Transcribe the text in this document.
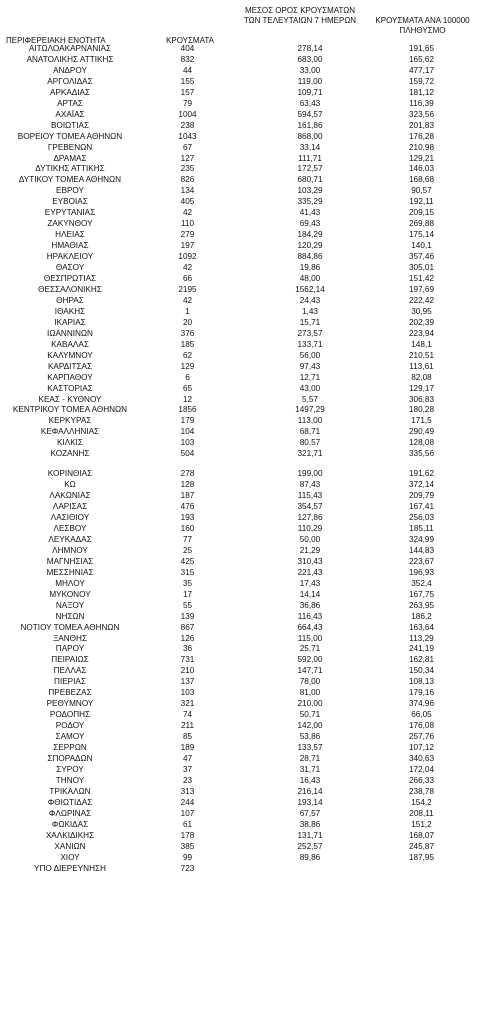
ΠΕΡΙΦΕΡΕΙΑΚΗ ΕΝΟΤΗΤΑ	ΚΡΟΥΣΜΑΤΑ
ΜΕΣΟΣ ΟΡΟΣ ΚΡΟΥΣΜΑΤΩΝ ΤΩΝ ΤΕΛΕΥΤΑΙΩΝ 7 ΗΜΕΡΩΝ	ΚΡΟΥΣΜΑΤΑ ΑΝΑ 100000 ΠΛΗΘΥΣΜΟ
ΑΙΤΩΛΟΑΚΑΡΝΑΝΙΑΣ	404	278,14	191,65
ΑΝΑΤΟΛΙΚΗΣ ΑΤΤΙΚΗΣ	832	683,00	165,62
ΑΝΔΡΟΥ	44	33,00	477,17
ΑΡΓΟΛΙΔΑΣ	155	119,00	159,72
ΑΡΚΑΔΙΑΣ	157	109,71	181,12
ΑΡΤΑΣ	79	63,43	116,39
ΑΧΑΪΑΣ	1004	594,57	323,56
ΒΟΙΩΤΙΑΣ	238	161,86	201,83
ΒΟΡΕΙΟΥ ΤΟΜΕΑ ΑΘΗΝΩΝ	1043	868,00	176,28
ΓΡΕΒΕΝΩΝ	67	33,14	210,98
ΔΡΑΜΑΣ	127	111,71	129,21
ΔΥΤΙΚΗΣ ΑΤΤΙΚΗΣ	235	172,57	146,03
ΔΥΤΙΚΟΥ ΤΟΜΕΑ ΑΘΗΝΩΝ	826	680,71	168,68
ΕΒΡΟΥ	134	103,29	90,57
ΕΥΒΟΙΑΣ	405	335,29	192,11
ΕΥΡΥΤΑΝΙΑΣ	42	41,43	209,15
ΖΑΚΥΝΘΟΥ	110	69,43	269,88
ΗΛΕΙΑΣ	279	184,29	175,14
ΗΜΑΘΙΑΣ	197	120,29	140,1
ΗΡΑΚΛΕΙΟΥ	1092	884,86	357,46
ΘΑΣΟΥ	42	19,86	305,01
ΘΕΣΠΡΩΤΙΑΣ	66	48,00	151,42
ΘΕΣΣΑΛΟΝΙΚΗΣ	2195	1562,14	197,69
ΘΗΡΑΣ	42	24,43	222,42
ΙΘΑΚΗΣ	1	1,43	30,95
ΙΚΑΡΙΑΣ	20	15,71	202,39
ΙΩΑΝΝΙΝΩΝ	376	273,57	223,94
ΚΑΒΑΛΑΣ	185	133,71	148,1
ΚΑΛΥΜΝΟΥ	62	56,00	210,51
ΚΑΡΔΙΤΣΑΣ	129	97,43	113,61
ΚΑΡΠΑΘΟΥ	6	12,71	82,08
ΚΑΣΤΟΡΙΑΣ	65	43,00	129,17
ΚΕΑΣ - ΚΥΘΝΟΥ	12	5,57	306,83
ΚΕΝΤΡΙΚΟΥ ΤΟΜΕΑ ΑΘΗΝΩΝ	1856	1497,29	180,28
ΚΕΡΚΥΡΑΣ	179	113,00	171,5
ΚΕΦΑΛΛΗΝΙΑΣ	104	68,71	290,49
ΚΙΛΚΙΣ	103	80,57	128,08
ΚΟΖΑΝΗΣ	504	321,71	335,56
ΚΟΡΙΝΘΙΑΣ	278	199,00	191,62
ΚΩ	128	87,43	372,14
ΛΑΚΩΝΙΑΣ	187	115,43	209,79
ΛΑΡΙΣΑΣ	476	354,57	167,41
ΛΑΣΙΘΙΟΥ	193	127,86	256,03
ΛΕΣΒΟΥ	160	110,29	185,11
ΛΕΥΚΑΔΑΣ	77	50,00	324,99
ΛΗΜΝΟΥ	25	21,29	144,83
ΜΑΓΝΗΣΙΑΣ	425	310,43	223,67
ΜΕΣΣΗΝΙΑΣ	315	221,43	196,93
ΜΗΛΟΥ	35	17,43	352,4
ΜΥΚΟΝΟΥ	17	14,14	167,75
ΝΑΞΟΥ	55	36,86	263,95
ΝΗΣΩΝ	139	116,43	186,2
ΝΟΤΙΟΥ ΤΟΜΕΑ ΑΘΗΝΩΝ	867	664,43	163,64
ΞΑΝΘΗΣ	126	115,00	113,29
ΠΑΡΟΥ	36	25,71	241,19
ΠΕΙΡΑΙΩΣ	731	592,00	162,81
ΠΕΛΛΑΣ	210	147,71	150,34
ΠΙΕΡΙΑΣ	137	78,00	108,13
ΠΡΕΒΕΖΑΣ	103	81,00	179,16
ΡΕΘΥΜΝΟΥ	321	210,00	374,96
ΡΟΔΟΠΗΣ	74	50,71	66,05
ΡΟΔΟΥ	211	142,00	176,08
ΣΑΜΟΥ	85	53,86	257,76
ΣΕΡΡΩΝ	189	133,57	107,12
ΣΠΟΡΑΔΩΝ	47	28,71	340,63
ΣΥΡΟΥ	37	31,71	172,04
ΤΗΝΟΥ	23	16,43	266,33
ΤΡΙΚΑΛΩΝ	313	216,14	238,78
ΦΘΙΩΤΙΔΑΣ	244	193,14	154,2
ΦΛΩΡΙΝΑΣ	107	67,57	208,11
ΦΩΚΙΔΑΣ	61	38,86	151,2
ΧΑΛΚΙΔΙΚΗΣ	178	131,71	168,07
ΧΑΝΙΩΝ	385	252,57	245,87
ΧΙΟΥ	99	89,86	187,95
ΥΠΟ ΔΙΕΡΕΥΝΗΣΗ	723		
